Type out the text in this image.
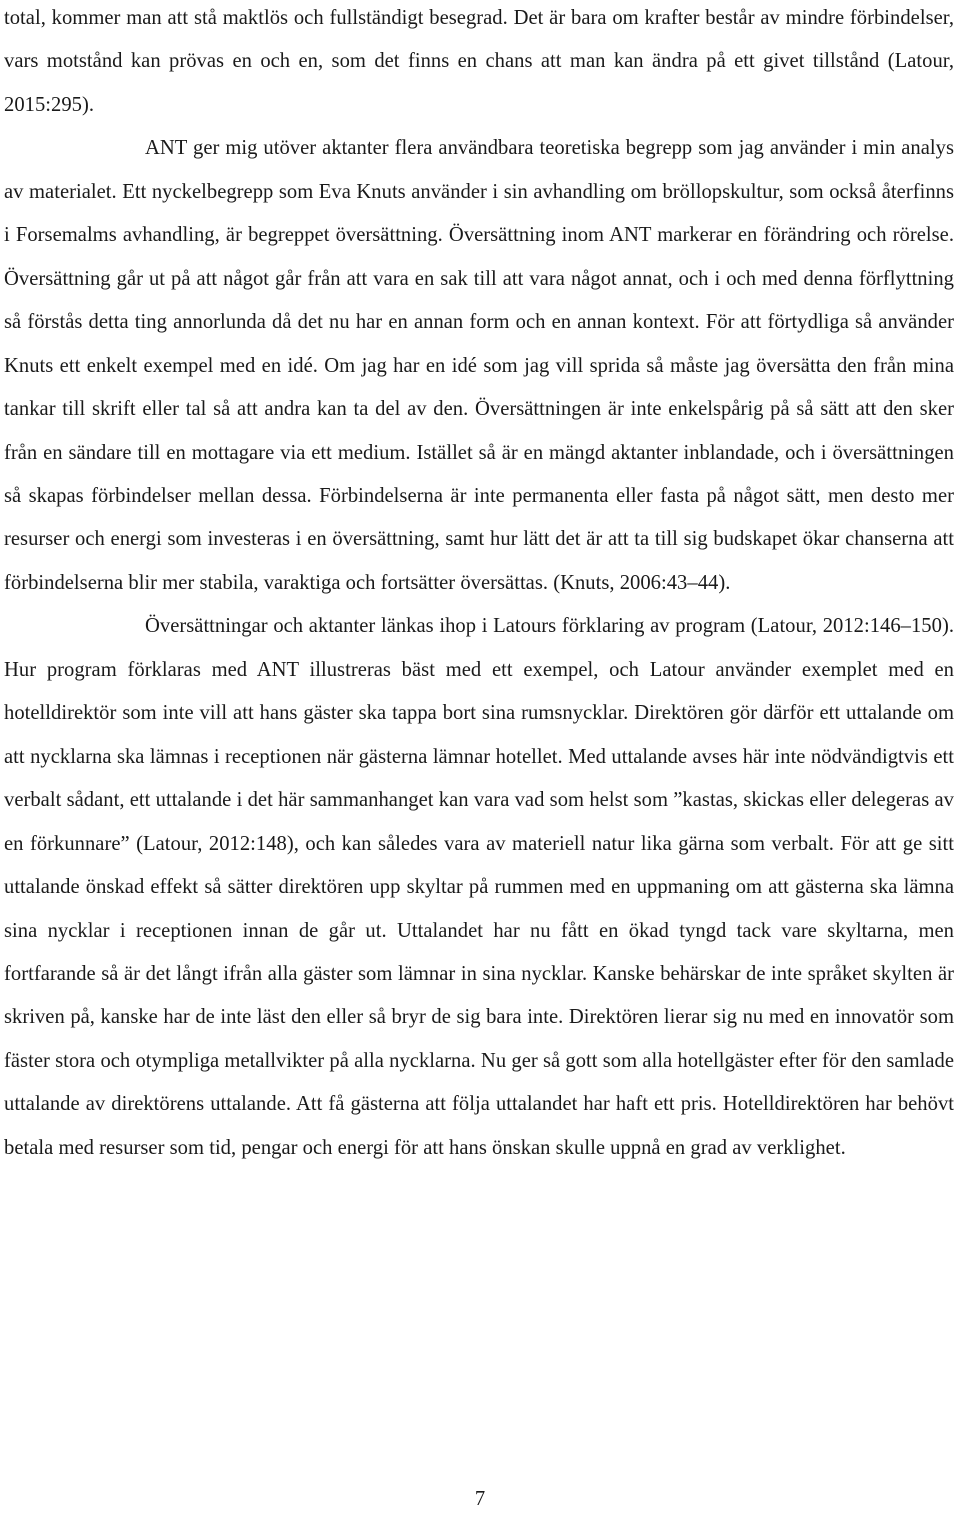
total, kommer man att stå maktlös och fullständigt besegrad. Det är bara om krafter består av mindre förbindelser, vars motstånd kan prövas en och en, som det finns en chans att man kan ändra på ett givet tillstånd (Latour, 2015:295).

ANT ger mig utöver aktanter flera användbara teoretiska begrepp som jag använder i min analys av materialet. Ett nyckelbegrepp som Eva Knuts använder i sin avhandling om bröllopskultur, som också återfinns i Forsemalms avhandling, är begreppet översättning. Översättning inom ANT markerar en förändring och rörelse. Översättning går ut på att något går från att vara en sak till att vara något annat, och i och med denna förflyttning så förstås detta ting annorlunda då det nu har en annan form och en annan kontext. För att förtydliga så använder Knuts ett enkelt exempel med en idé. Om jag har en idé som jag vill sprida så måste jag översätta den från mina tankar till skrift eller tal så att andra kan ta del av den. Översättningen är inte enkelspårig på så sätt att den sker från en sändare till en mottagare via ett medium. Istället så är en mängd aktanter inblandade, och i översättningen så skapas förbindelser mellan dessa. Förbindelserna är inte permanenta eller fasta på något sätt, men desto mer resurser och energi som investeras i en översättning, samt hur lätt det är att ta till sig budskapet ökar chanserna att förbindelserna blir mer stabila, varaktiga och fortsätter översättas. (Knuts, 2006:43–44).

Översättningar och aktanter länkas ihop i Latours förklaring av program (Latour, 2012:146–150). Hur program förklaras med ANT illustreras bäst med ett exempel, och Latour använder exemplet med en hotelldirektör som inte vill att hans gäster ska tappa bort sina rumsnycklar. Direktören gör därför ett uttalande om att nycklarna ska lämnas i receptionen när gästerna lämnar hotellet. Med uttalande avses här inte nödvändigtvis ett verbalt sådant, ett uttalande i det här sammanhanget kan vara vad som helst som ”kastas, skickas eller delegeras av en förkunnare” (Latour, 2012:148), och kan således vara av materiell natur lika gärna som verbalt. För att ge sitt uttalande önskad effekt så sätter direktören upp skyltar på rummen med en uppmaning om att gästerna ska lämna sina nycklar i receptionen innan de går ut. Uttalandet har nu fått en ökad tyngd tack vare skyltarna, men fortfarande så är det långt ifrån alla gäster som lämnar in sina nycklar. Kanske behärskar de inte språket skylten är skriven på, kanske har de inte läst den eller så bryr de sig bara inte. Direktören lierar sig nu med en innovatör som fäster stora och otympliga metallvikter på alla nycklarna. Nu ger så gott som alla hotellgäster efter för den samlade uttalande av direktörens uttalande. Att få gästerna att följa uttalandet har haft ett pris. Hotelldirektören har behövt betala med resurser som tid, pengar och energi för att hans önskan skulle uppnå en grad av verklighet.

7
